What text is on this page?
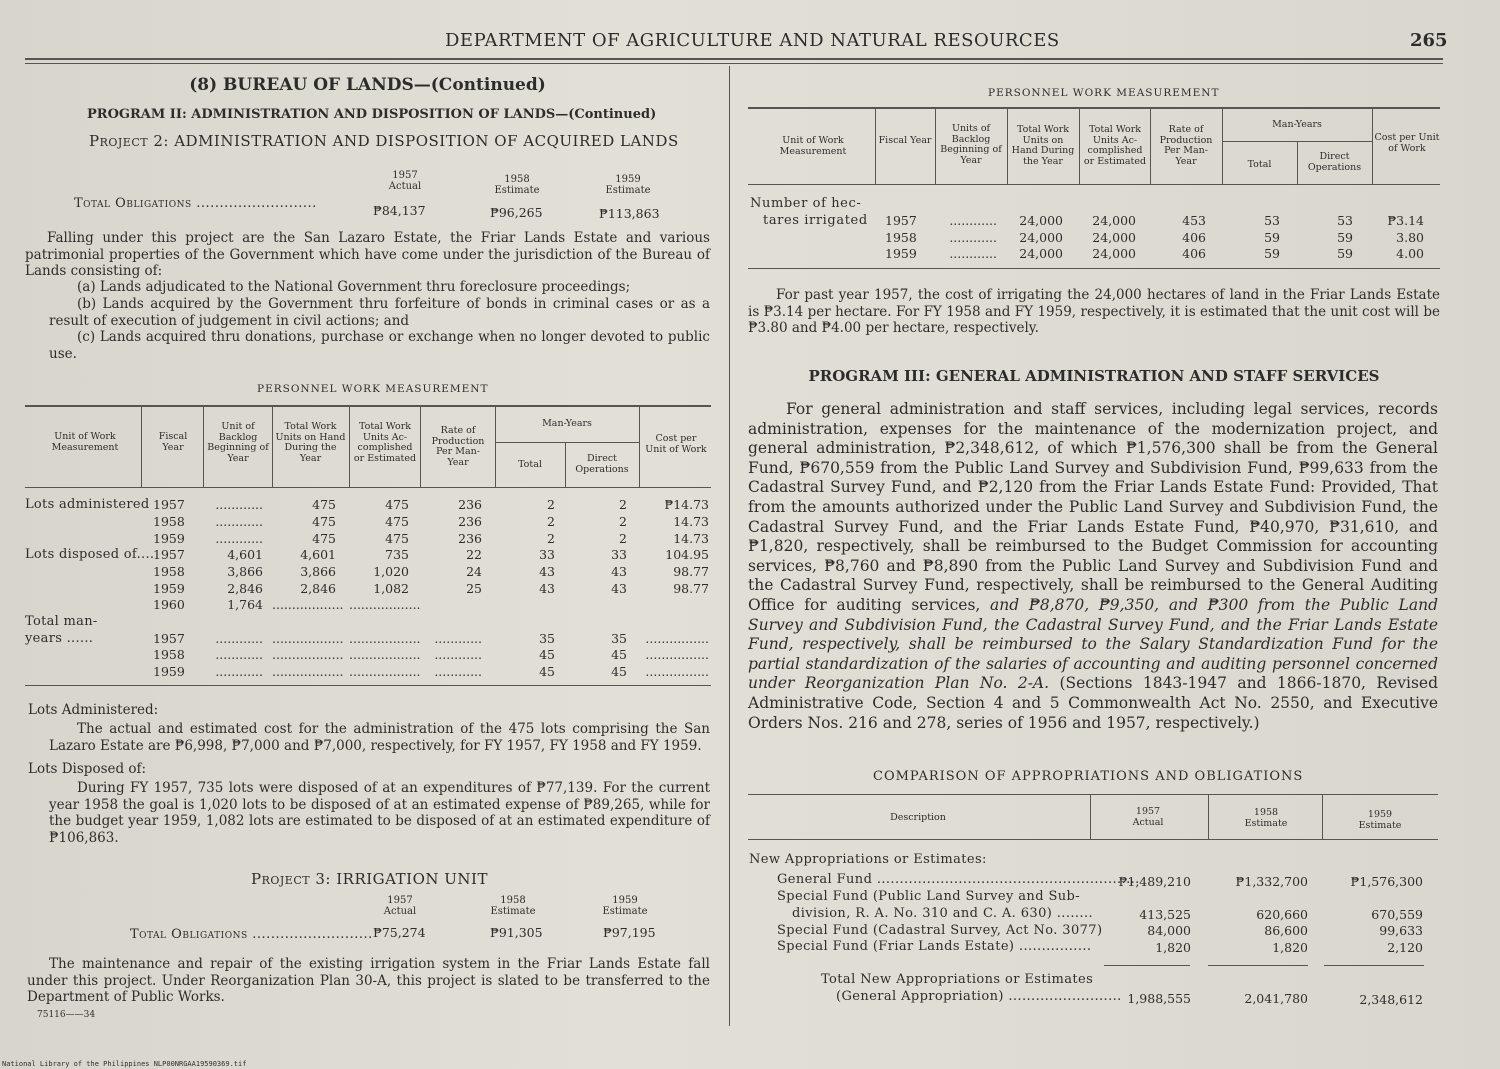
DEPARTMENT OF AGRICULTURE AND NATURAL RESOURCES	265
(8) BUREAU OF LANDS—(Continued)
PROGRAM II: ADMINISTRATION AND DISPOSITION OF LANDS—(Continued)
Project 2: ADMINISTRATION AND DISPOSITION OF ACQUIRED LANDS
1957
Actual
1958
Estimate
1959
Estimate
Total Obligations ..........................	₱84,137	₱96,265	₱113,863
Falling under this project are the San Lazaro Estate, the Friar Lands Estate and various patrimonial properties of the Government which have come under the jurisdiction of the Bureau of Lands consisting of:
(a) Lands adjudicated to the National Government thru foreclosure proceedings;
(b) Lands acquired by the Government thru forfeiture of bonds in criminal cases or as a result of execution of judgement in civil actions; and
(c) Lands acquired thru donations, purchase or exchange when no longer devoted to public use.
PERSONNEL WORK MEASUREMENT
Unit of Work Measurement
Fiscal Year
Unit of Backlog Beginning of Year
Total Work Units on Hand During the Year
Total Work Units Ac- complished or Estimated
Rate of Production Per Man- Year
Man-Years
Total
Direct Operations
Cost per Unit of Work
Lots administered 1957	............	475	475	236	2	2	₱14.73
1958	............	475	475	236	2	2	14.73
1959	............	475	475	236	2	2	14.73
Lots disposed of....
1957	4,601	4,601	735	22	33	33	104.95
1958	3,866	3,866	1,020	24	43	43	98.77
1959	2,846	2,846	1,082	25	43	43	98.77
1960	1,764 .................. ..................
Total man-
years ......	1957	............ .................. ..................	............	35	35	................
1958	............ .................. ..................	............	45	45	................
1959	............ .................. ..................	............	45	45	................
Lots Administered:
The actual and estimated cost for the administration of the 475 lots comprising the San Lazaro Estate are ₱6,998, ₱7,000 and ₱7,000, respectively, for FY 1957, FY 1958 and FY 1959.
Lots Disposed of:
During FY 1957, 735 lots were disposed of at an expenditures of ₱77,139. For the current year 1958 the goal is 1,020 lots to be disposed of at an estimated expense of ₱89,265, while for the budget year 1959, 1,082 lots are estimated to be disposed of at an estimated expenditure of ₱106,863.
Project 3: IRRIGATION UNIT
1957
Actual
1958
Estimate
1959
Estimate
Total Obligations .......................... ₱75,274	₱91,305	₱97,195
The maintenance and repair of the existing irrigation system in the Friar Lands Estate fall under this project. Under Reorganization Plan 30-A, this project is slated to be transferred to the Department of Public Works.
75116——34
PERSONNEL WORK MEASUREMENT
Unit of Work Measurement
Fiscal Year
Units of Backlog Beginning of Year
Total Work Units on Hand During the Year
Total Work Units Ac- complished or Estimated
Rate of Production Per Man- Year
Man-Years
Total
Direct Operations
Cost per Unit of Work
Number of hec-
tares irrigated 1957	............	24,000	24,000	453	53	53	₱3.14
1958	............	24,000	24,000	406	59	59	3.80
1959	............	24,000	24,000	406	59	59	4.00
For past year 1957, the cost of irrigating the 24,000 hectares of land in the Friar Lands Estate is ₱3.14 per hectare. For FY 1958 and FY 1959, respectively, it is estimated that the unit cost will be ₱3.80 and ₱4.00 per hectare, respectively.
PROGRAM III: GENERAL ADMINISTRATION AND STAFF SERVICES
For general administration and staff services, including legal services, records administration, expenses for the maintenance of the modernization project, and general administration, ₱2,348,612, of which ₱1,576,300 shall be from the General Fund, ₱670,559 from the Public Land Survey and Subdivision Fund, ₱99,633 from the Cadastral Survey Fund, and ₱2,120 from the Friar Lands Estate Fund: Provided, That from the amounts authorized under the Public Land Survey and Subdivision Fund, the Cadastral Survey Fund, and the Friar Lands Estate Fund, ₱40,970, ₱31,610, and ₱1,820, respectively, shall be reimbursed to the Budget Commission for accounting services, ₱8,760 and ₱8,890 from the Public Land Survey and Subdivision Fund and the Cadastral Survey Fund, respectively, shall be reimbursed to the General Auditing Office for auditing services, and ₱8,870, ₱9,350, and ₱300 from the Public Land Survey and Subdivision Fund, the Cadastral Survey Fund, and the Friar Lands Estate Fund, respectively, shall be reimbursed to the Salary Standardization Fund for the partial standardization of the salaries of accounting and auditing personnel concerned under Reorganization Plan No. 2-A. (Sections 1843-1947 and 1866-1870, Revised Administrative Code, Section 4 and 5 Commonwealth Act No. 2550, and Executive Orders Nos. 216 and 278, series of 1956 and 1957, respectively.)
COMPARISON OF APPROPRIATIONS AND OBLIGATIONS
Description
1957
Actual
1958
Estimate
1959
Estimate
New Appropriations or Estimates:
General Fund ..........................................................
₱1,489,210	₱1,332,700	₱1,576,300
Special Fund (Public Land Survey and Sub-
division, R. A. No. 310 and C. A. 630) ........	413,525	620,660	670,559
Special Fund (Cadastral Survey, Act No. 3077)	84,000	86,600	99,633
Special Fund (Friar Lands Estate) ................	1,820	1,820	2,120
Total New Appropriations or Estimates
(General Appropriation) ......................... 1,988,555	2,041,780	2,348,612
National Library of the Philippines NLP00NRGAA19590369.tif
